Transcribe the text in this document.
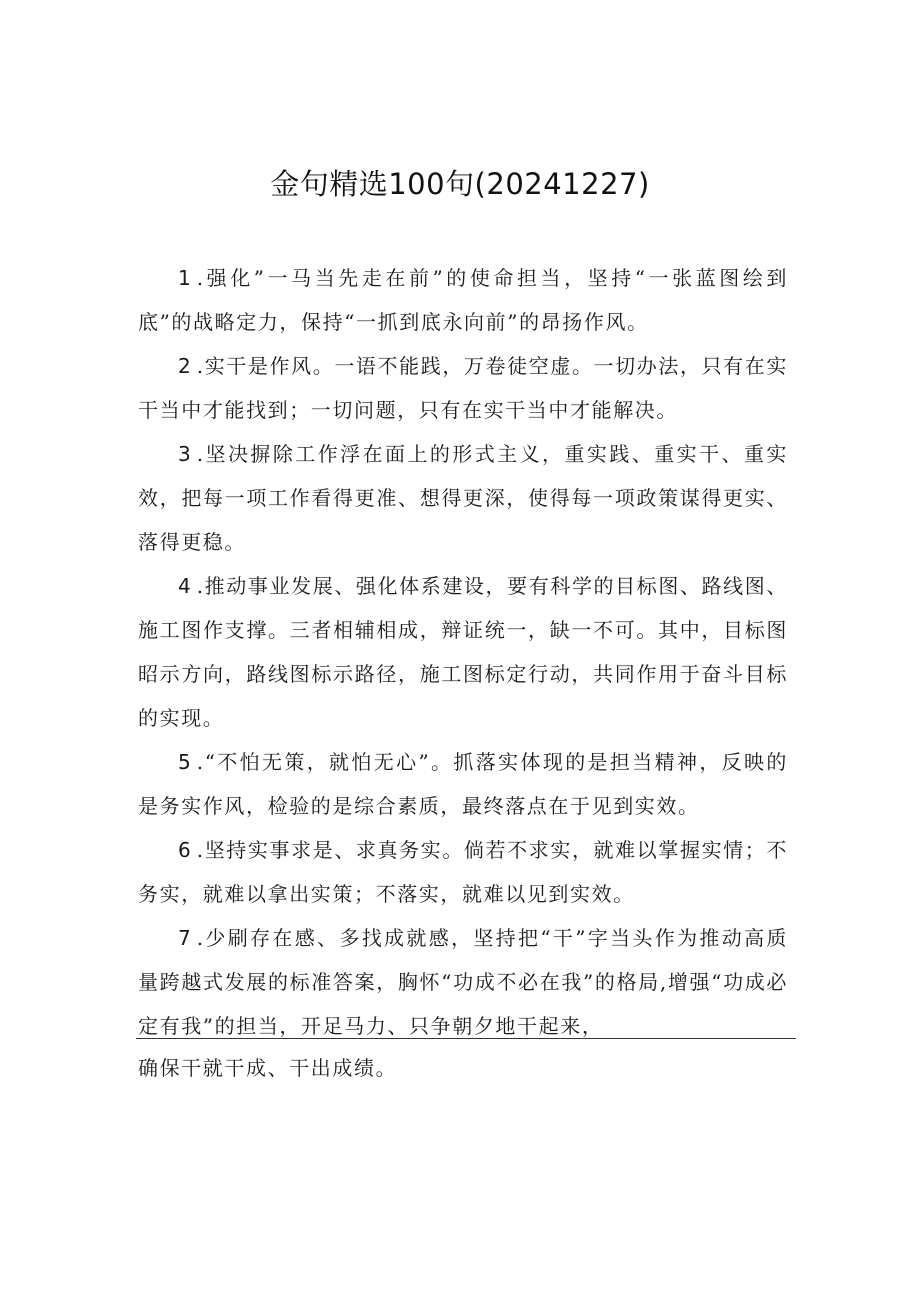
金句精选100句(20241227)

1.强化”一马当先走在前”的使命担当，坚持“一张蓝图绘到底”的战略定力，保持“一抓到底永向前”的昂扬作风。

2.实干是作风。一语不能践，万卷徒空虚。一切办法，只有在实干当中才能找到；一切问题，只有在实干当中才能解决。

3.坚决摒除工作浮在面上的形式主义，重实践、重实干、重实效，把每一项工作看得更准、想得更深，使得每一项政策谋得更实、落得更稳。

4.推动事业发展、强化体系建设，要有科学的目标图、路线图、施工图作支撑。三者相辅相成，辩证统一，缺一不可。其中，目标图昭示方向，路线图标示路径，施工图标定行动，共同作用于奋斗目标的实现。

5.“不怕无策，就怕无心”。抓落实体现的是担当精神，反映的是务实作风，检验的是综合素质，最终落点在于见到实效。

6.坚持实事求是、求真务实。倘若不求实，就难以掌握实情；不务实，就难以拿出实策；不落实，就难以见到实效。

7.少刷存在感、多找成就感，坚持把“干”字当头作为推动高质量跨越式发展的标准答案，胸怀“功成不必在我”的格局,增强“功成必定有我”的担当，开足马力、只争朝夕地干起来，

确保干就干成、干出成绩。
